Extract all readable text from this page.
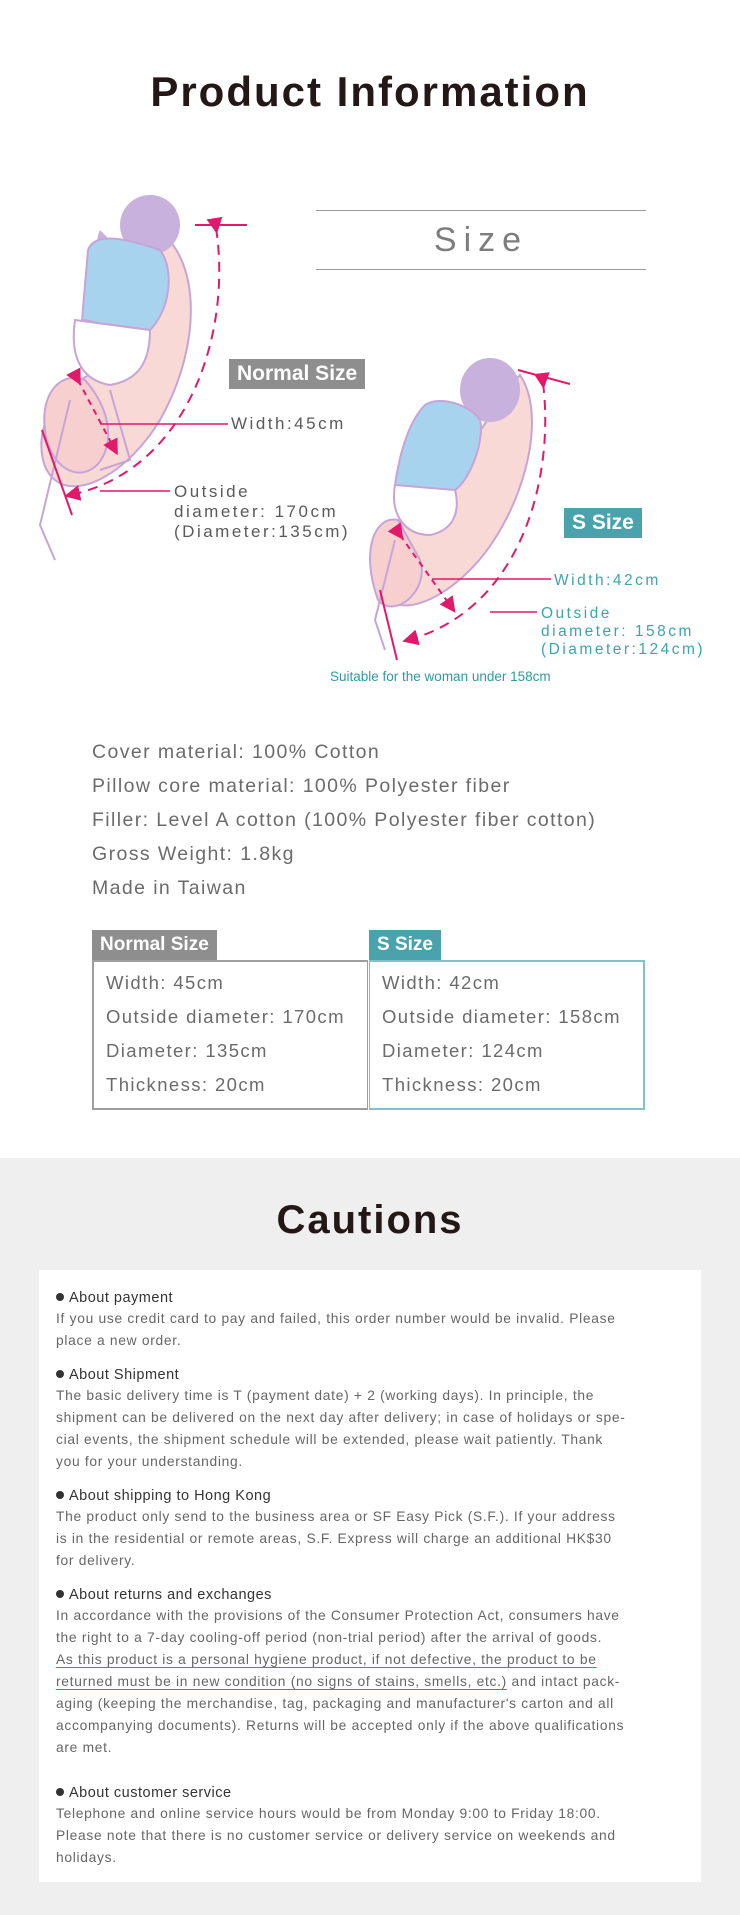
Product Information
Size
Normal Size
Width:45cm
Outside
diameter: 170cm
(Diameter:135cm)	S Size
Width:42cm
Outside
diameter: 158cm
(Diameter:124cm)
Suitable for the woman under 158cm
Cover material: 100% Cotton
Pillow core material: 100% Polyester fiber
Filler: Level A cotton (100% Polyester fiber cotton)
Gross Weight: 1.8kg
Made in Taiwan
Normal Size
Width: 45cm
Outside diameter: 170cm
Diameter: 135cm
Thickness: 20cm
S Size
Width: 42cm
Outside diameter: 158cm
Diameter: 124cm
Thickness: 20cm
Cautions
About payment
If you use credit card to pay and failed, this order number would be invalid. Please
place a new order.
About Shipment
The basic delivery time is T (payment date) + 2 (working days). In principle, the
shipment can be delivered on the next day after delivery; in case of holidays or spe-
cial events, the shipment schedule will be extended, please wait patiently. Thank
you for your understanding.
About shipping to Hong Kong
The product only send to the business area or SF Easy Pick (S.F.). If your address
is in the residential or remote areas, S.F. Express will charge an additional HK$30
for delivery.
About returns and exchanges
In accordance with the provisions of the Consumer Protection Act, consumers have
the right to a 7-day cooling-off period (non-trial period) after the arrival of goods.
As this product is a personal hygiene product, if not defective, the product to be
returned must be in new condition (no signs of stains, smells, etc.) and intact pack-
aging (keeping the merchandise, tag, packaging and manufacturer's carton and all
accompanying documents). Returns will be accepted only if the above qualifications
are met.
About customer service
Telephone and online service hours would be from Monday 9:00 to Friday 18:00.
Please note that there is no customer service or delivery service on weekends and
holidays.
